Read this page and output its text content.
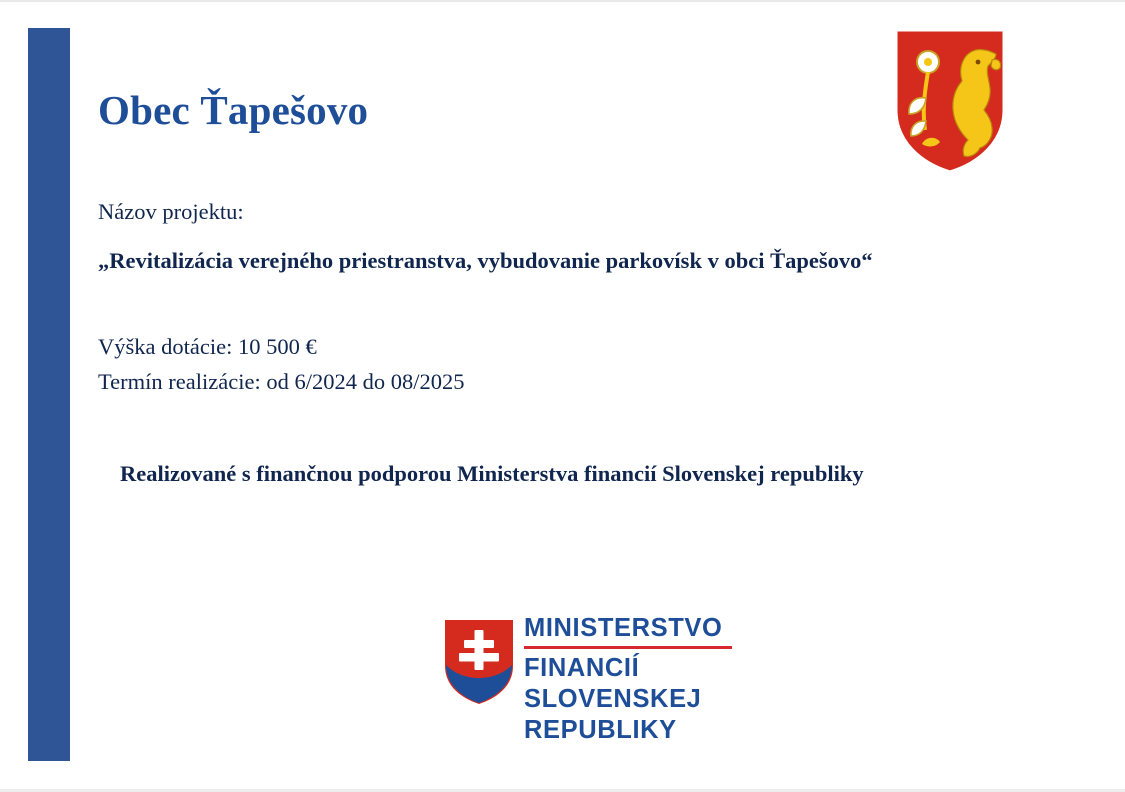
Obec Ťapešovo
Názov projektu:
„Revitalizácia verejného priestranstva, vybudovanie parkovísk v obci Ťapešovo“
Výška dotácie: 10 500 €
Termín realizácie: od 6/2024 do 08/2025
Realizované s finančnou podporou Ministerstva financií Slovenskej republiky
MINISTERSTVO
FINANCIÍ
SLOVENSKEJ REPUBLIKY
